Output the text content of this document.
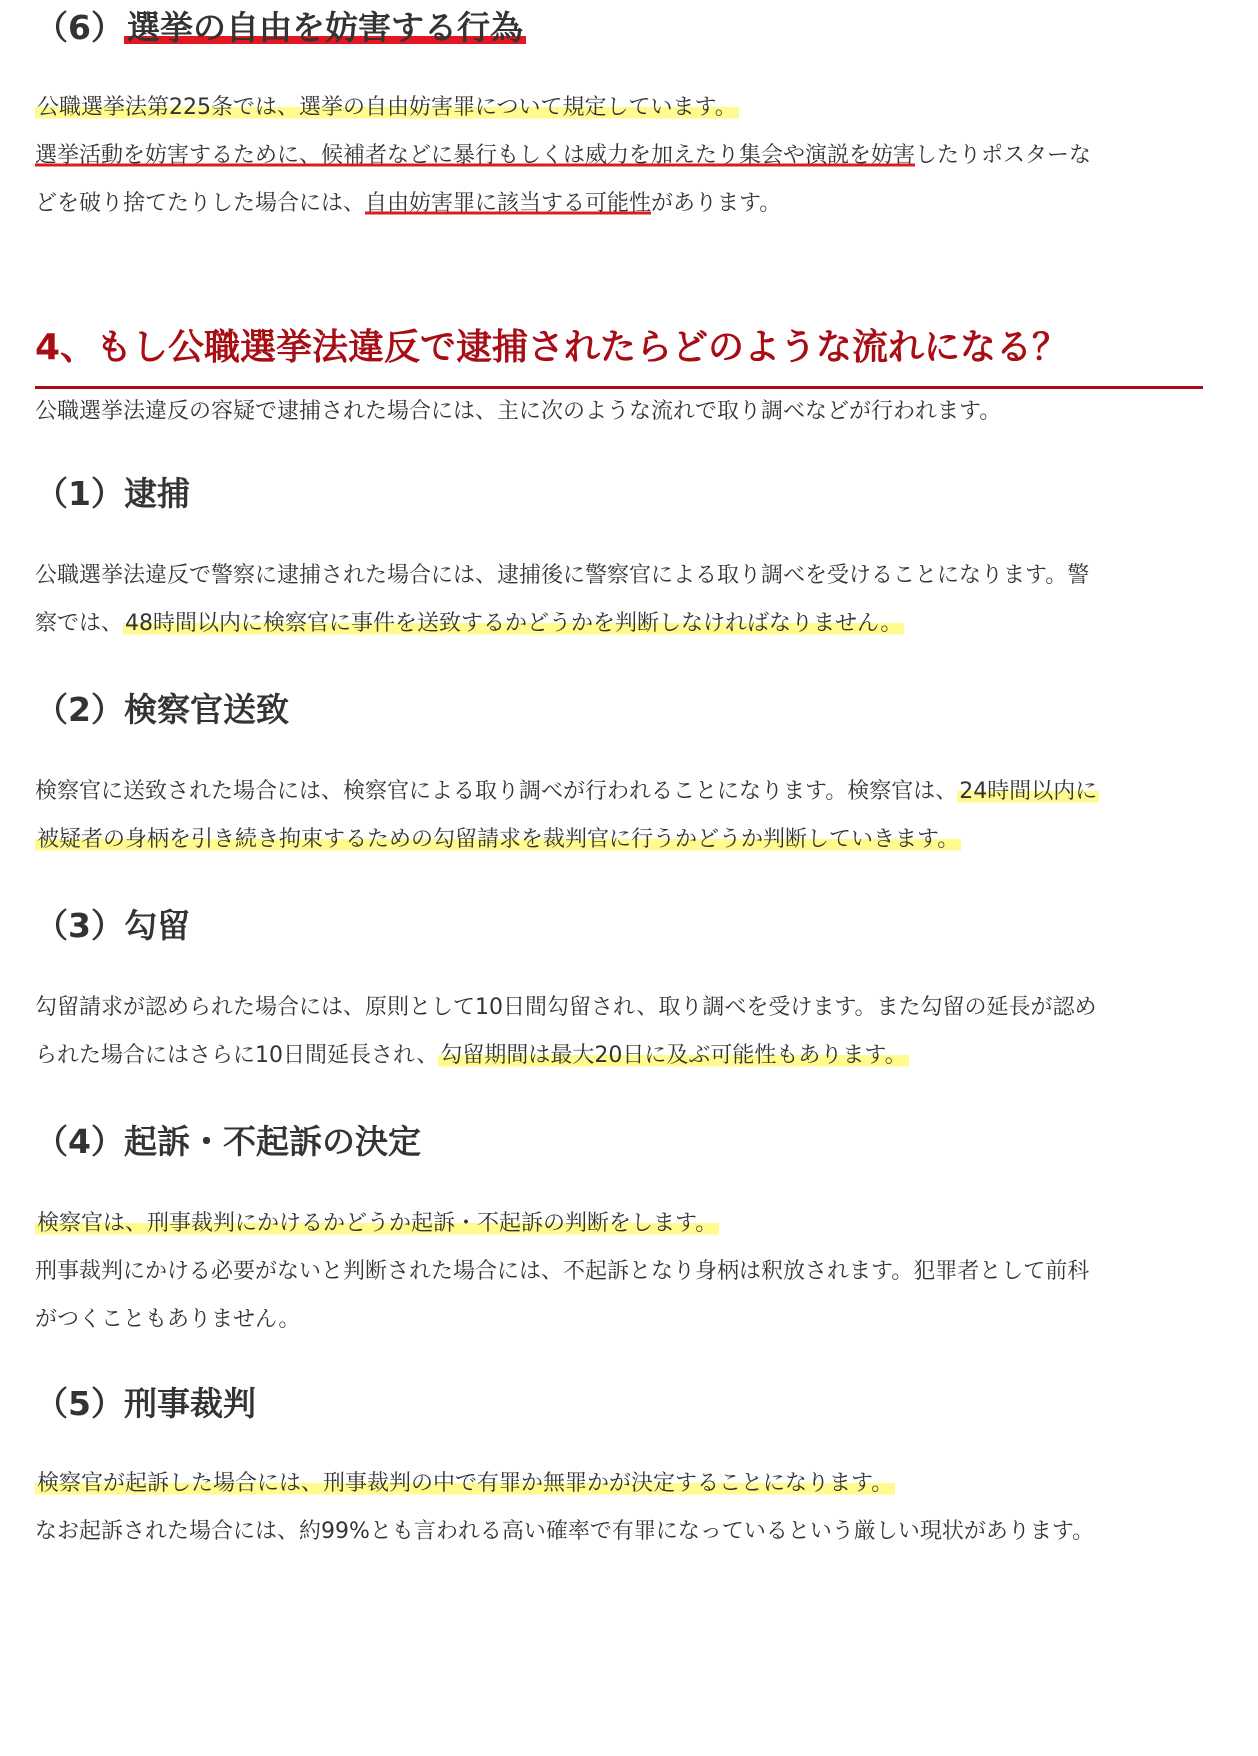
（6）選挙の自由を妨害する行為
公職選挙法第225条では、選挙の自由妨害罪について規定しています。
選挙活動を妨害するために、候補者などに暴行もしくは威力を加えたり集会や演説を妨害したりポスターな
どを破り捨てたりした場合には、自由妨害罪に該当する可能性があります。
4、もし公職選挙法違反で逮捕されたらどのような流れになる？
公職選挙法違反の容疑で逮捕された場合には、主に次のような流れで取り調べなどが行われます。
（1）逮捕
公職選挙法違反で警察に逮捕された場合には、逮捕後に警察官による取り調べを受けることになります。警
察では、48時間以内に検察官に事件を送致するかどうかを判断しなければなりません。
（2）検察官送致
検察官に送致された場合には、検察官による取り調べが行われることになります。検察官は、24時間以内に
被疑者の身柄を引き続き拘束するための勾留請求を裁判官に行うかどうか判断していきます。
（3）勾留
勾留請求が認められた場合には、原則として10日間勾留され、取り調べを受けます。また勾留の延長が認め
られた場合にはさらに10日間延長され、勾留期間は最大20日に及ぶ可能性もあります。
（4）起訴・不起訴の決定
検察官は、刑事裁判にかけるかどうか起訴・不起訴の判断をします。
刑事裁判にかける必要がないと判断された場合には、不起訴となり身柄は釈放されます。犯罪者として前科
がつくこともありません。
（5）刑事裁判
検察官が起訴した場合には、刑事裁判の中で有罪か無罪かが決定することになります。
なお起訴された場合には、約99%とも言われる高い確率で有罪になっているという厳しい現状があります。
